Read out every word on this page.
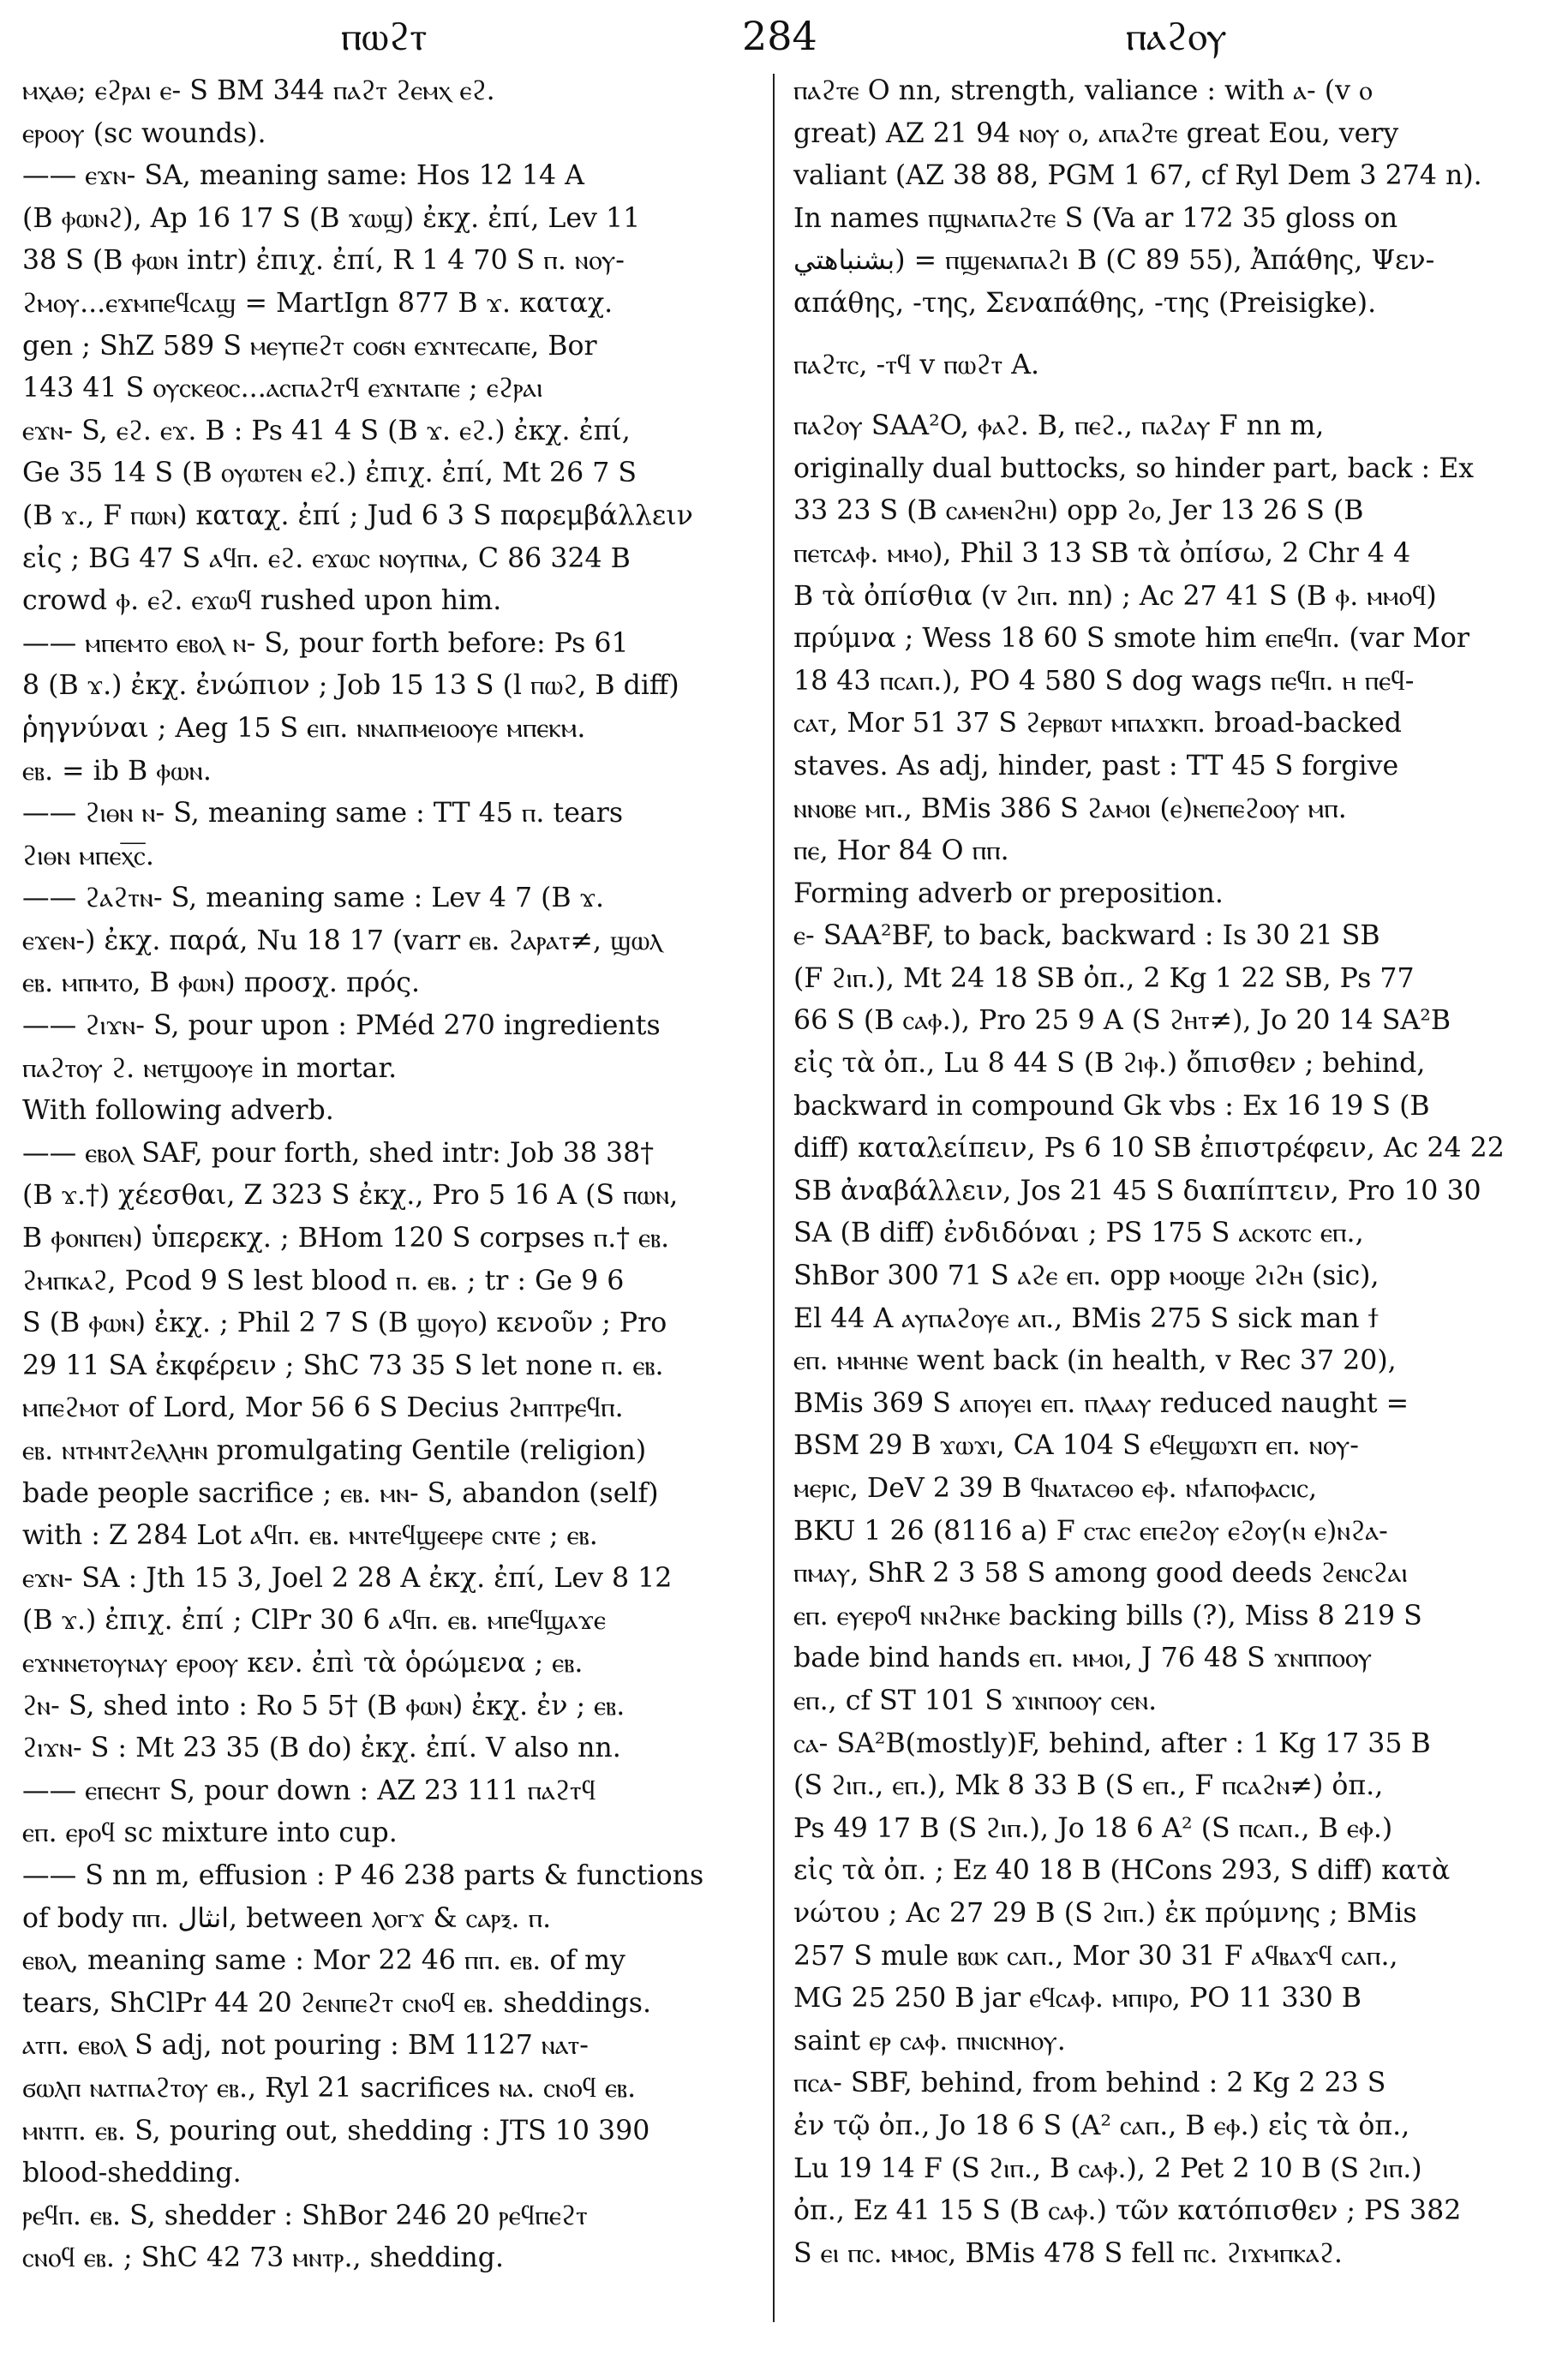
ⲡⲱϩⲧ	284	ⲡⲁϩⲟⲩ
ⲙⲭⲁⲑ; ⲉϩⲣⲁⲓ ⲉ- S BM 344 ⲡⲁϩⲧ ϩⲉⲙⲭ ⲉϩ.
ⲉⲣⲟⲟⲩ (sc wounds).
—— ⲉϫⲛ- SA, meaning same: Hos 12 14 A
(B ⲫⲱⲛϩ), Ap 16 17 S (B ϫⲱϣ) ἐκχ. ἐπί, Lev 11
38 S (B ⲫⲱⲛ intr) ἐπιχ. ἐπί, R 1 4 70 S ⲡ. ⲛⲟⲩ-
ϩⲙⲟⲩ...ⲉϫⲙⲡⲉϥⲥⲁϣ = MartIgn 877 B ϫ. καταχ.
gen ; ShZ 589 S ⲙⲉⲩⲡⲉϩⲧ ⲥⲟϭⲛ ⲉϫⲛⲧⲉⲥⲁⲡⲉ, Bor
143 41 S ⲟⲩⲥⲕⲉⲟⲥ...ⲁⲥⲡⲁϩⲧϥ ⲉϫⲛⲧⲁⲡⲉ ; ⲉϩⲣⲁⲓ
ⲉϫⲛ- S, ⲉϩ. ⲉϫ. B : Ps 41 4 S (B ϫ. ⲉϩ.) ἐκχ. ἐπί,
Ge 35 14 S (B ⲟⲩⲱⲧⲉⲛ ⲉϩ.) ἐπιχ. ἐπί, Mt 26 7 S
(B ϫ., F ⲡⲱⲛ) καταχ. ἐπί ; Jud 6 3 S παρεμβάλλειν
εἰς ; BG 47 S ⲁϥⲡ. ⲉϩ. ⲉϫⲱⲥ ⲛⲟⲩⲡⲛⲁ, C 86 324 B
crowd ⲫ. ⲉϩ. ⲉϫⲱϥ rushed upon him.
—— ⲙⲡⲉⲙⲧⲟ ⲉⲃⲟⲗ ⲛ- S, pour forth before: Ps 61
8 (B ϫ.) ἐκχ. ἐνώπιον ; Job 15 13 S (l ⲡⲱϩ, B diff)
ῥηγνύναι ; Aeg 15 S ⲉⲓⲡ. ⲛⲛⲁⲡⲙⲉⲓⲟⲟⲩⲉ ⲙⲡⲉⲕⲙ.
ⲉⲃ. = ib B ⲫⲱⲛ.
—— ϩⲓⲑⲛ ⲛ- S, meaning same : TT 45 ⲡ. tears
ϩⲓⲑⲛ ⲙⲡⲉⲭ̅ⲥ̅.
—— ϩⲁϩⲧⲛ- S, meaning same : Lev 4 7 (B ϫ.
ⲉϫⲉⲛ-) ἐκχ. παρά, Nu 18 17 (varr ⲉⲃ. ϩⲁⲣⲁⲧ≠, ϣⲱⲗ
ⲉⲃ. ⲙⲡⲙⲧⲟ, B ⲫⲱⲛ) προσχ. πρός.
—— ϩⲓϫⲛ- S, pour upon : PMéd 270 ingredients
ⲡⲁϩⲧⲟⲩ ϩ. ⲛⲉⲧϣⲟⲟⲩⲉ in mortar.
With following adverb.
—— ⲉⲃⲟⲗ SAF, pour forth, shed intr: Job 38 38†
(B ϫ.†) χέεσθαι, Z 323 S ἐκχ., Pro 5 16 A (S ⲡⲱⲛ,
B ⲫⲟⲛⲡⲉⲛ) ὑπερεκχ. ; BHom 120 S corpses ⲡ.† ⲉⲃ.
ϩⲙⲡⲕⲁϩ, Pcod 9 S lest blood ⲡ. ⲉⲃ. ; tr : Ge 9 6
S (B ⲫⲱⲛ) ἐκχ. ; Phil 2 7 S (B ϣⲟⲩⲟ) κενοῦν ; Pro
29 11 SA ἐκφέρειν ; ShC 73 35 S let none ⲡ. ⲉⲃ.
ⲙⲡⲉϩⲙⲟⲧ of Lord, Mor 56 6 S Decius ϩⲙⲡⲧⲣⲉϥⲡ.
ⲉⲃ. ⲛⲧⲙⲛⲧϩⲉⲗⲗⲏⲛ promulgating Gentile (religion)
bade people sacrifice ; ⲉⲃ. ⲙⲛ- S, abandon (self)
with : Z 284 Lot ⲁϥⲡ. ⲉⲃ. ⲙⲛⲧⲉϥϣⲉⲉⲣⲉ ⲥⲛⲧⲉ ; ⲉⲃ.
ⲉϫⲛ- SA : Jth 15 3, Joel 2 28 A ἐκχ. ἐπί, Lev 8 12
(B ϫ.) ἐπιχ. ἐπί ; ClPr 30 6 ⲁϥⲡ. ⲉⲃ. ⲙⲡⲉϥϣⲁϫⲉ
ⲉϫⲛⲛⲉⲧⲟⲩⲛⲁⲩ ⲉⲣⲟⲟⲩ κεν. ἐπὶ τὰ ὁρώμενα ; ⲉⲃ.
ϩⲛ- S, shed into : Ro 5 5† (B ⲫⲱⲛ) ἐκχ. ἐν ; ⲉⲃ.
ϩⲓϫⲛ- S : Mt 23 35 (B do) ἐκχ. ἐπί. V also nn.
—— ⲉⲡⲉⲥⲏⲧ S, pour down : AZ 23 111 ⲡⲁϩⲧϥ
ⲉⲡ. ⲉⲣⲟϥ sc mixture into cup.
—— S nn m, effusion : P 46 238 parts & functions
of body ⲡⲡ. انثال, between ⲗⲟⲅϫ & ⲥⲁⲣⲝ. ⲡ.
ⲉⲃⲟⲗ, meaning same : Mor 22 46 ⲡⲡ. ⲉⲃ. of my
tears, ShClPr 44 20 ϩⲉⲛⲡⲉϩⲧ ⲥⲛⲟϥ ⲉⲃ. sheddings.
ⲁⲧⲡ. ⲉⲃⲟⲗ S adj, not pouring : BM 1127 ⲛⲁⲧ-
ϭⲱⲗⲡ ⲛⲁⲧⲡⲁϩⲧⲟⲩ ⲉⲃ., Ryl 21 sacrifices ⲛⲁ. ⲥⲛⲟϥ ⲉⲃ.
ⲙⲛⲧⲡ. ⲉⲃ. S, pouring out, shedding : JTS 10 390
blood-shedding.
ⲣⲉϥⲡ. ⲉⲃ. S, shedder : ShBor 246 20 ⲣⲉϥⲡⲉϩⲧ
ⲥⲛⲟϥ ⲉⲃ. ; ShC 42 73 ⲙⲛⲧⲣ., shedding.
ⲡⲁϩⲧⲉ O nn, strength, valiance : with ⲁ- (v ⲟ
great) AZ 21 94 ⲛⲟⲩ ⲟ, ⲁⲡⲁϩⲧⲉ great Eou, very
valiant (AZ 38 88, PGM 1 67, cf Ryl Dem 3 274 n).
In names ⲡϣⲛⲁⲡⲁϩⲧⲉ S (Va ar 172 35 gloss on
بشنباهتي) = ⲡϣⲉⲛⲁⲡⲁϩⲓ B (C 89 55), Ἀπάθης, Ψεν-
απάθης, -της, Σεναπάθης, -της (Preisigke).
ⲡⲁϩⲧⲥ, -ⲧϥ v ⲡⲱϩⲧ A.
ⲡⲁϩⲟⲩ SAA²O, ⲫⲁϩ. B, ⲡⲉϩ., ⲡⲁϩⲁⲩ F nn m,
originally dual buttocks, so hinder part, back : Ex
33 23 S (B ⲥⲁⲙⲉⲛϩⲏⲓ) opp ϩⲟ, Jer 13 26 S (B
ⲡⲉⲧⲥⲁⲫ. ⲙⲙⲟ), Phil 3 13 SB τὰ ὀπίσω, 2 Chr 4 4
B τὰ ὀπίσθια (v ϩⲓⲡ. nn) ; Ac 27 41 S (B ⲫ. ⲙⲙⲟϥ)
πρύμνα ; Wess 18 60 S smote him ⲉⲡⲉϥⲡ. (var Mor
18 43 ⲡⲥⲁⲡ.), PO 4 580 S dog wags ⲡⲉϥⲡ. ⲏ ⲡⲉϥ-
ⲥⲁⲧ, Mor 51 37 S ϩⲉⲣⲃⲱⲧ ⲙⲡⲁϫⲕⲡ. broad-backed
staves. As adj, hinder, past : TT 45 S forgive
ⲛⲛⲟⲃⲉ ⲙⲡ., BMis 386 S ϩⲁⲙⲟⲓ (ⲉ)ⲛⲉⲡⲉϩⲟⲟⲩ ⲙⲡ.
ⲡⲉ, Hor 84 O ⲡⲡ.
Forming adverb or preposition.
ⲉ- SAA²BF, to back, backward : Is 30 21 SB
(F ϩⲓⲡ.), Mt 24 18 SB ὀπ., 2 Kg 1 22 SB, Ps 77
66 S (B ⲥⲁⲫ.), Pro 25 9 A (S ϩⲏⲧ≠), Jo 20 14 SA²B
εἰς τὰ ὀπ., Lu 8 44 S (B ϩⲓⲫ.) ὄπισθεν ; behind,
backward in compound Gk vbs : Ex 16 19 S (B
diff) καταλείπειν, Ps 6 10 SB ἐπιστρέφειν, Ac 24 22
SB ἀναβάλλειν, Jos 21 45 S διαπίπτειν, Pro 10 30
SA (B diff) ἐνδιδόναι ; PS 175 S ⲁⲥⲕⲟⲧⲥ ⲉⲡ.,
ShBor 300 71 S ⲁϩⲉ ⲉⲡ. opp ⲙⲟⲟϣⲉ ϩⲓϩⲏ (sic),
El 44 A ⲁⲩⲡⲁϩⲟⲩⲉ ⲁⲡ., BMis 275 S sick man ϯ
ⲉⲡ. ⲙⲙⲏⲛⲉ went back (in health, v Rec 37 20),
BMis 369 S ⲁⲡⲟⲩⲉⲓ ⲉⲡ. ⲡⲗⲁⲁⲩ reduced naught =
BSM 29 B ϫⲱϫⲓ, CA 104 S ⲉϥⲉϣⲱϫⲡ ⲉⲡ. ⲛⲟⲩ-
ⲙⲉⲣⲓⲥ, DeV 2 39 B ϥⲛⲁⲧⲁⲥⲑⲟ ⲉⲫ. ⲛϯⲁⲡⲟⲫⲁⲥⲓⲥ,
BKU 1 26 (8116 a) F ⲥⲧⲁⲥ ⲉⲡⲉϩⲟⲩ ⲉϩⲟⲩ(ⲛ ⲉ)ⲛϩⲁ-
ⲡⲙⲁⲩ, ShR 2 3 58 S among good deeds ϩⲉⲛⲥϩⲁⲓ
ⲉⲡ. ⲉⲩⲉⲣⲟϥ ⲛⲛϩⲏⲕⲉ backing bills (?), Miss 8 219 S
bade bind hands ⲉⲡ. ⲙⲙⲟⲓ, J 76 48 S ϫⲛⲡⲡⲟⲟⲩ
ⲉⲡ., cf ST 101 S ϫⲓⲛⲡⲟⲟⲩ ⲥⲉⲛ.
ⲥⲁ- SA²B(mostly)F, behind, after : 1 Kg 17 35 B
(S ϩⲓⲡ., ⲉⲡ.), Mk 8 33 B (S ⲉⲡ., F ⲡⲥⲁϩⲛ≠) ὀπ.,
Ps 49 17 B (S ϩⲓⲡ.), Jo 18 6 A² (S ⲡⲥⲁⲡ., B ⲉⲫ.)
εἰς τὰ ὀπ. ; Ez 40 18 B (HCons 293, S diff) κατὰ
νώτου ; Ac 27 29 B (S ϩⲓⲡ.) ἐκ πρύμνης ; BMis
257 S mule ⲃⲱⲕ ⲥⲁⲡ., Mor 30 31 F ⲁϥⲃⲁϫϥ ⲥⲁⲡ.,
MG 25 250 B jar ⲉϥⲥⲁⲫ. ⲙⲡⲓⲣⲟ, PO 11 330 B
saint ⲉⲣ ⲥⲁⲫ. ⲡⲛⲓⲥⲛⲏⲟⲩ.
ⲡⲥⲁ- SBF, behind, from behind : 2 Kg 2 23 S
ἐν τῷ ὀπ., Jo 18 6 S (A² ⲥⲁⲡ., B ⲉⲫ.) εἰς τὰ ὀπ.,
Lu 19 14 F (S ϩⲓⲡ., B ⲥⲁⲫ.), 2 Pet 2 10 B (S ϩⲓⲡ.)
ὀπ., Ez 41 15 S (B ⲥⲁⲫ.) τῶν κατόπισθεν ; PS 382
S ⲉⲓ ⲡⲥ. ⲙⲙⲟⲥ, BMis 478 S fell ⲡⲥ. ϩⲓϫⲙⲡⲕⲁϩ.
